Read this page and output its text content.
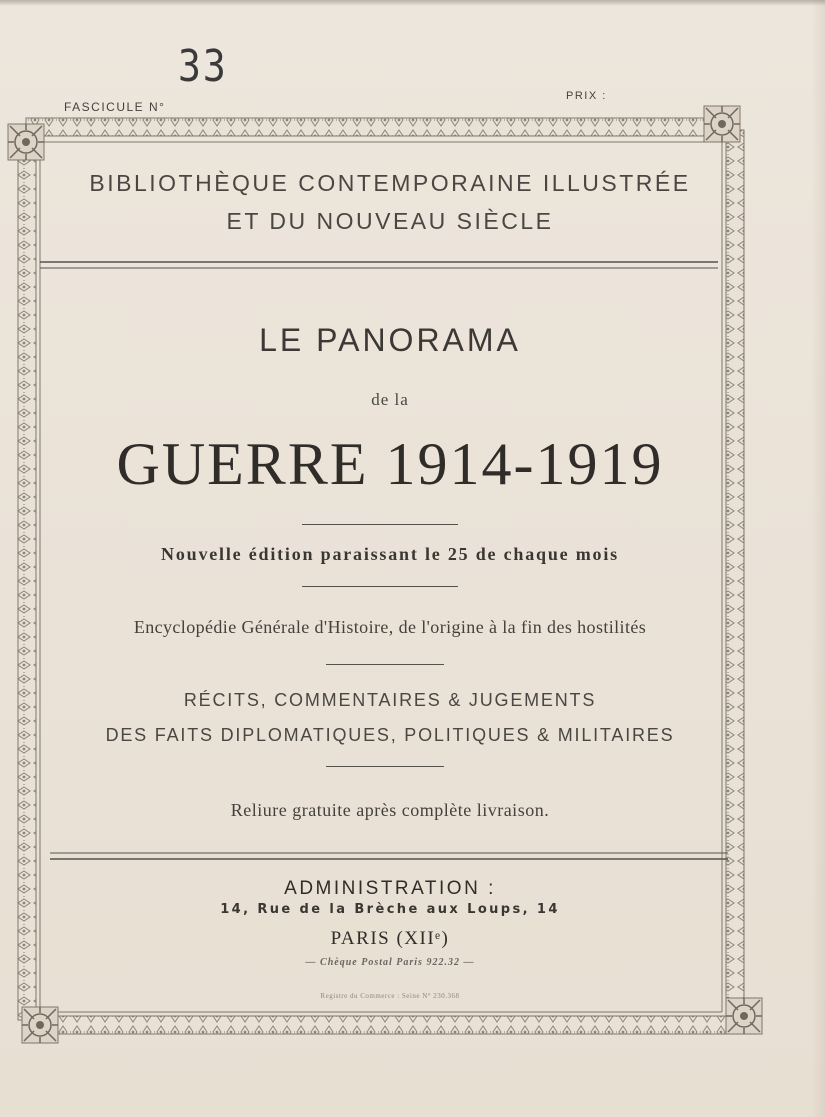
FASCICULE N°
33
PRIX :
BIBLIOTHÈQUE CONTEMPORAINE ILLUSTRÉE
ET DU NOUVEAU SIÈCLE
LE PANORAMA
de la
GUERRE 1914-1919
Nouvelle édition paraissant le 25 de chaque mois
Encyclopédie Générale d'Histoire, de l'origine à la fin des hostilités
RÉCITS, COMMENTAIRES & JUGEMENTS
DES FAITS DIPLOMATIQUES, POLITIQUES & MILITAIRES
Reliure gratuite après complète livraison.
ADMINISTRATION :
14, Rue de la Brèche aux Loups, 14
PARIS (XIIᵉ)
— Chèque Postal Paris 922.32 —
Registre du Commerce : Seine N° 230.368
